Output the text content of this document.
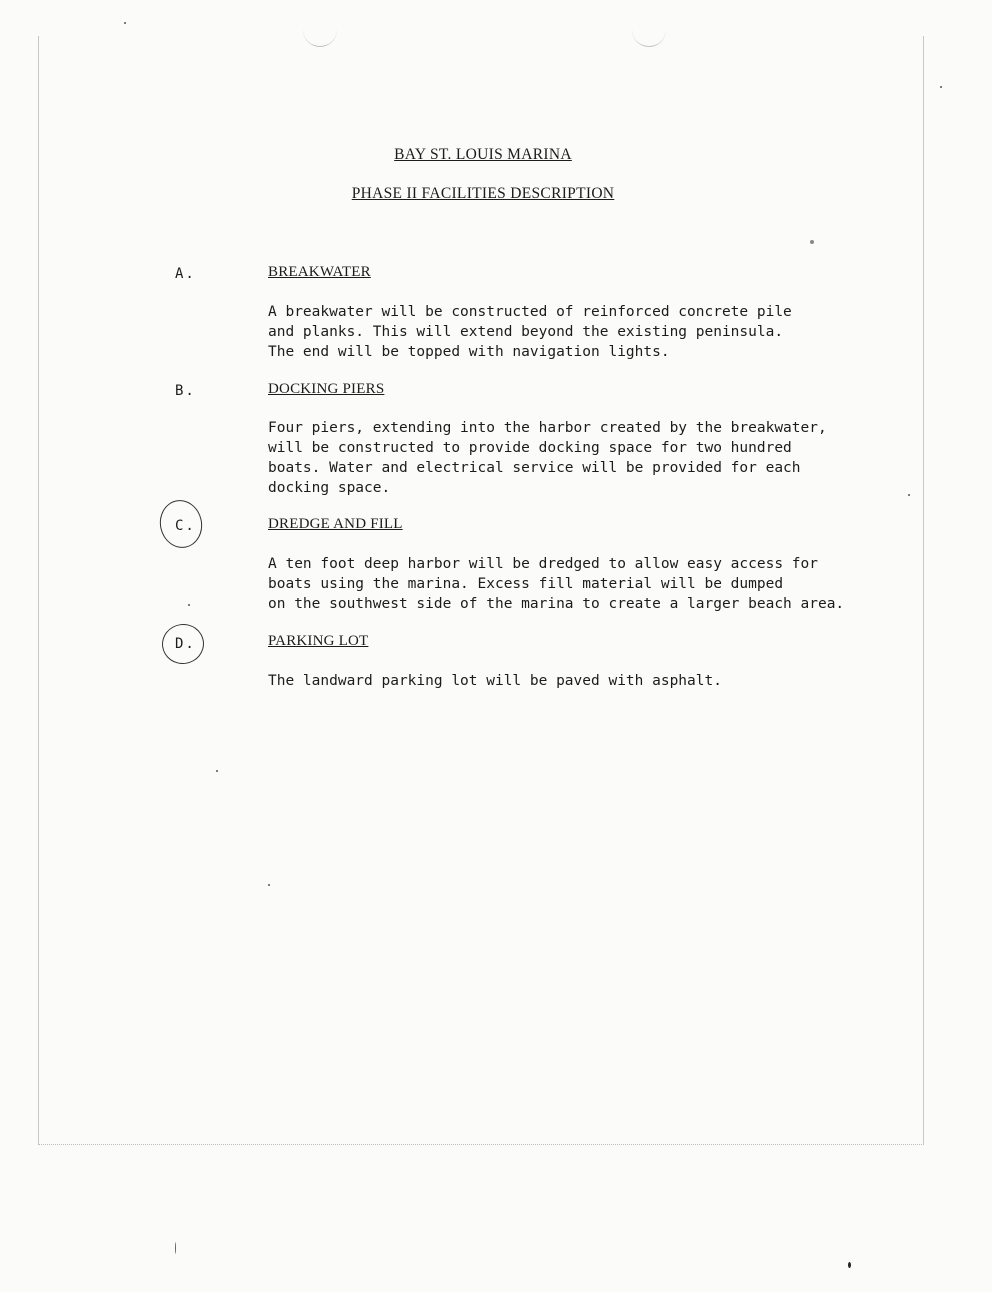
BAY ST. LOUIS MARINA
PHASE II FACILITIES DESCRIPTION
A.	BREAKWATER
A breakwater will be constructed of reinforced concrete pile
and planks. This will extend beyond the existing peninsula.
The end will be topped with navigation lights.
B.	DOCKING PIERS
Four piers, extending into the harbor created by the breakwater,
will be constructed to provide docking space for two hundred
boats. Water and electrical service will be provided for each
docking space.
C.	DREDGE AND FILL
A ten foot deep harbor will be dredged to allow easy access for
boats using the marina. Excess fill material will be dumped
on the southwest side of the marina to create a larger beach area.
D.	PARKING LOT
The landward parking lot will be paved with asphalt.
